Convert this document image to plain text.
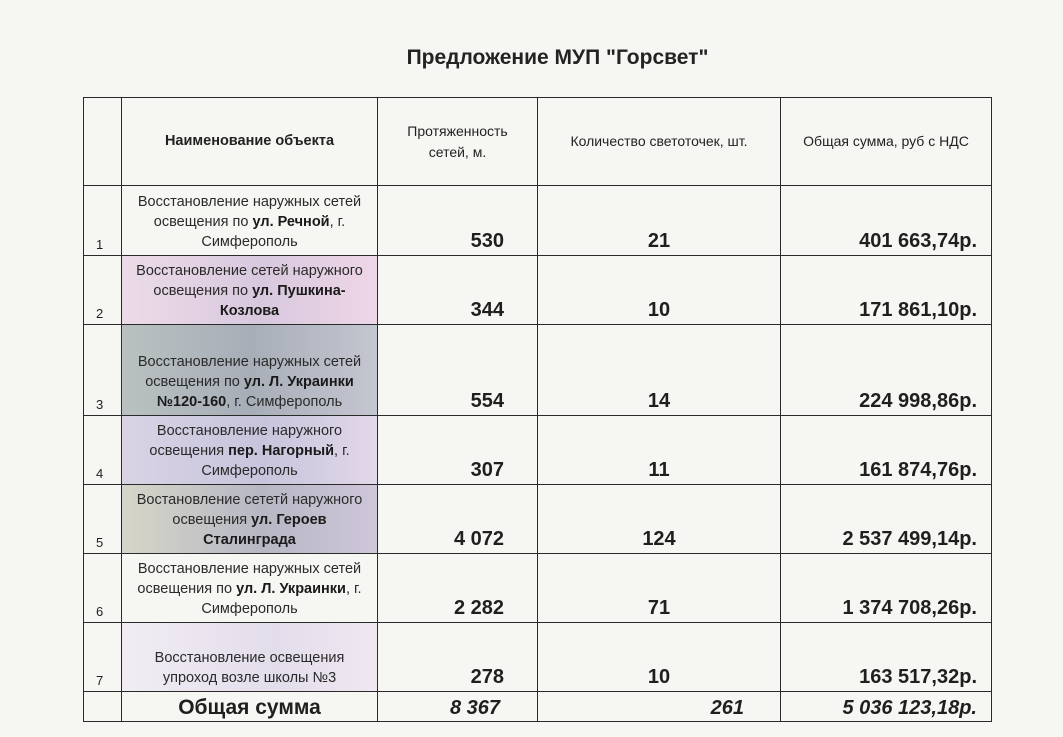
Предложение МУП "Горсвет"
	Наименование объекта	Протяженность сетей, м.	Количество светоточек, шт.	Общая сумма, руб с НДС
1	Восстановление наружных сетей освещения по ул. Речной, г. Симферополь	530	21	401 663,74р.
2	Восстановление сетей наружного освещения по ул. Пушкина-Козлова	344	10	171 861,10р.
3	Восстановление наружных сетей освещения по ул. Л. Украинки №120-160, г. Симферополь	554	14	224 998,86р.
4	Восстановление наружного освещения пер. Нагорный, г. Симферополь	307	11	161 874,76р.
5	Востановление сететй наружного освещения ул. Героев Сталинграда	4 072	124	2 537 499,14р.
6	Восстановление наружных сетей освещения по ул. Л. Украинки, г. Симферополь	2 282	71	1 374 708,26р.
7	Восстановление освещения упроход возле школы №3	278	10	163 517,32р.
	Общая сумма	8 367	261	5 036 123,18р.
